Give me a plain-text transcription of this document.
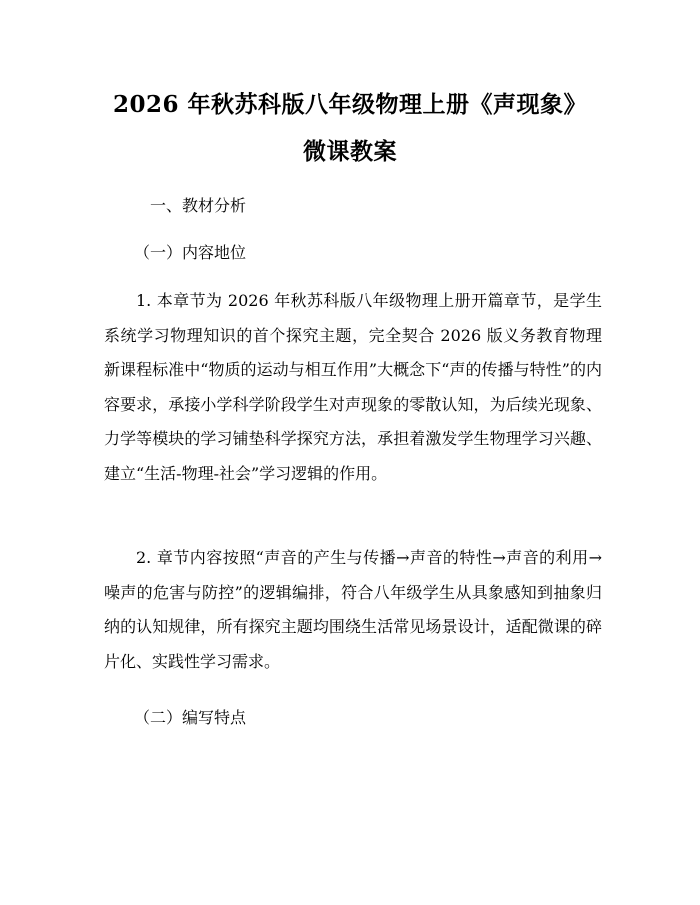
2026 年秋苏科版八年级物理上册《声现象》
微课教案
一、教材分析
（一）内容地位
1. 本章节为 2026 年秋苏科版八年级物理上册开篇章节，是学生系统学习物理知识的首个探究主题，完全契合 2026 版义务教育物理新课程标准中“物质的运动与相互作用”大概念下“声的传播与特性”的内容要求，承接小学科学阶段学生对声现象的零散认知，为后续光现象、力学等模块的学习铺垫科学探究方法，承担着激发学生物理学习兴趣、建立“生活-物理-社会”学习逻辑的作用。
2. 章节内容按照“声音的产生与传播→声音的特性→声音的利用→噪声的危害与防控”的逻辑编排，符合八年级学生从具象感知到抽象归纳的认知规律，所有探究主题均围绕生活常见场景设计，适配微课的碎片化、实践性学习需求。
（二）编写特点
